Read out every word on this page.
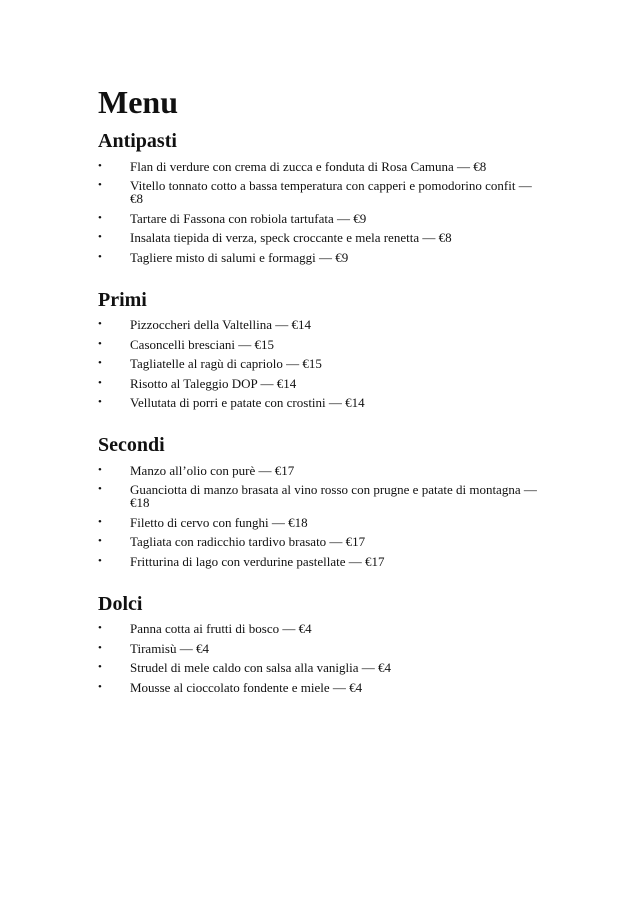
Menu
Antipasti
• Flan di verdure con crema di zucca e fonduta di Rosa Camuna — €8
• Vitello tonnato cotto a bassa temperatura con capperi e pomodorino confit — €8
• Tartare di Fassona con robiola tartufata — €9
• Insalata tiepida di verza, speck croccante e mela renetta — €8
• Tagliere misto di salumi e formaggi — €9
Primi
• Pizzoccheri della Valtellina — €14
• Casoncelli bresciani — €15
• Tagliatelle al ragù di capriolo — €15
• Risotto al Taleggio DOP — €14
• Vellutata di porri e patate con crostini — €14
Secondi
• Manzo all’olio con purè — €17
• Guanciotta di manzo brasata al vino rosso con prugne e patate di montagna — €18
• Filetto di cervo con funghi — €18
• Tagliata con radicchio tardivo brasato — €17
• Fritturina di lago con verdurine pastellate — €17
Dolci
• Panna cotta ai frutti di bosco — €4
• Tiramisù — €4
• Strudel di mele caldo con salsa alla vaniglia — €4
• Mousse al cioccolato fondente e miele — €4
